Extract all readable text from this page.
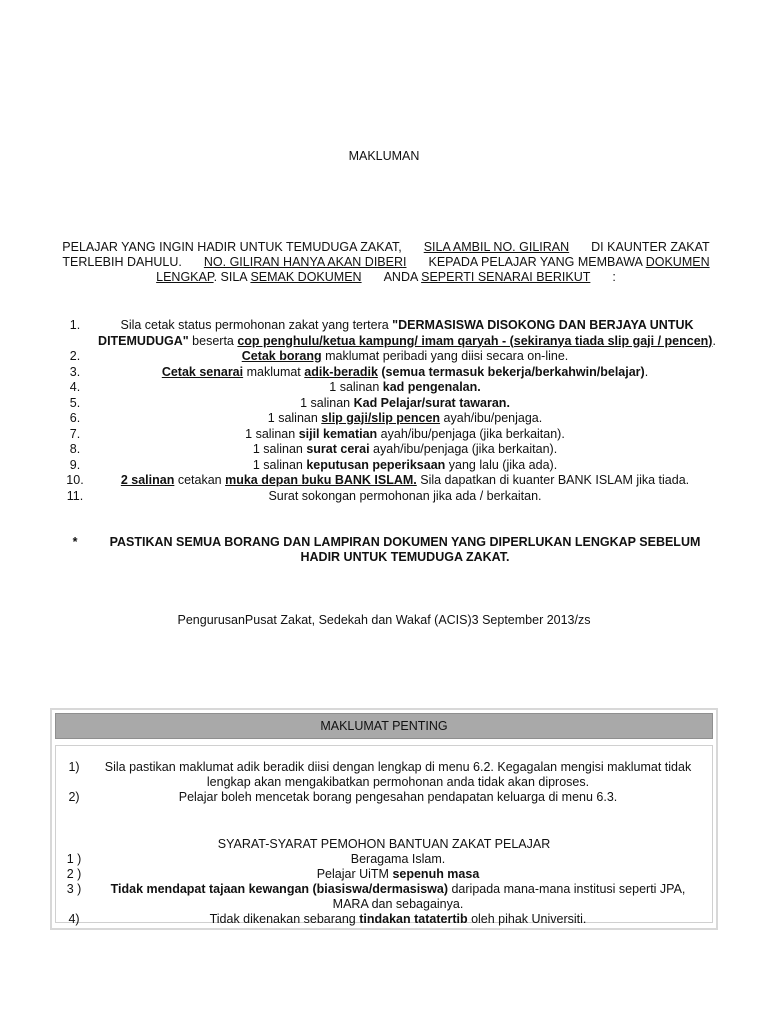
MAKLUMAN
PELAJAR YANG INGIN HADIR UNTUK TEMUDUGA ZAKAT, SILA AMBIL NO. GILIRAN DI KAUNTER ZAKAT TERLEBIH DAHULU. NO. GILIRAN HANYA AKAN DIBERI KEPADA PELAJAR YANG MEMBAWA DOKUMEN LENGKAP. SILA SEMAK DOKUMEN ANDA SEPERTI SENARAI BERIKUT :
1.	Sila cetak status permohonan zakat yang tertera "DERMASISWA DISOKONG DAN BERJAYA UNTUK DITEMUDUGA" beserta cop penghulu/ketua kampung/ imam qaryah - (sekiranya tiada slip gaji / pencen).
2.	Cetak borang maklumat peribadi yang diisi secara on-line.
3.	Cetak senarai maklumat adik-beradik (semua termasuk bekerja/berkahwin/belajar).
4.	1 salinan kad pengenalan.
5.	1 salinan Kad Pelajar/surat tawaran.
6.	1 salinan slip gaji/slip pencen ayah/ibu/penjaga.
7.	1 salinan sijil kematian ayah/ibu/penjaga (jika berkaitan).
8.	1 salinan surat cerai ayah/ibu/penjaga (jika berkaitan).
9.	1 salinan keputusan peperiksaan yang lalu (jika ada).
10.	2 salinan cetakan muka depan buku BANK ISLAM. Sila dapatkan di kuanter BANK ISLAM jika tiada.
11.	Surat sokongan permohonan jika ada / berkaitan.
*	PASTIKAN SEMUA BORANG DAN LAMPIRAN DOKUMEN YANG DIPERLUKAN LENGKAP SEBELUM HADIR UNTUK TEMUDUGA ZAKAT.
PengurusanPusat Zakat, Sedekah dan Wakaf (ACIS)3 September 2013/zs
MAKLUMAT PENTING
1)	Sila pastikan maklumat adik beradik diisi dengan lengkap di menu 6.2. Kegagalan mengisi maklumat tidak lengkap akan mengakibatkan permohonan anda tidak akan diproses.
2)	Pelajar boleh mencetak borang pengesahan pendapatan keluarga di menu 6.3.
SYARAT-SYARAT PEMOHON BANTUAN ZAKAT PELAJAR
1 )	Beragama Islam.
2 )	Pelajar UiTM sepenuh masa
3 )	Tidak mendapat tajaan kewangan (biasiswa/dermasiswa) daripada mana-mana institusi seperti JPA, MARA dan sebagainya.
4)	Tidak dikenakan sebarang tindakan tatatertib oleh pihak Universiti.
